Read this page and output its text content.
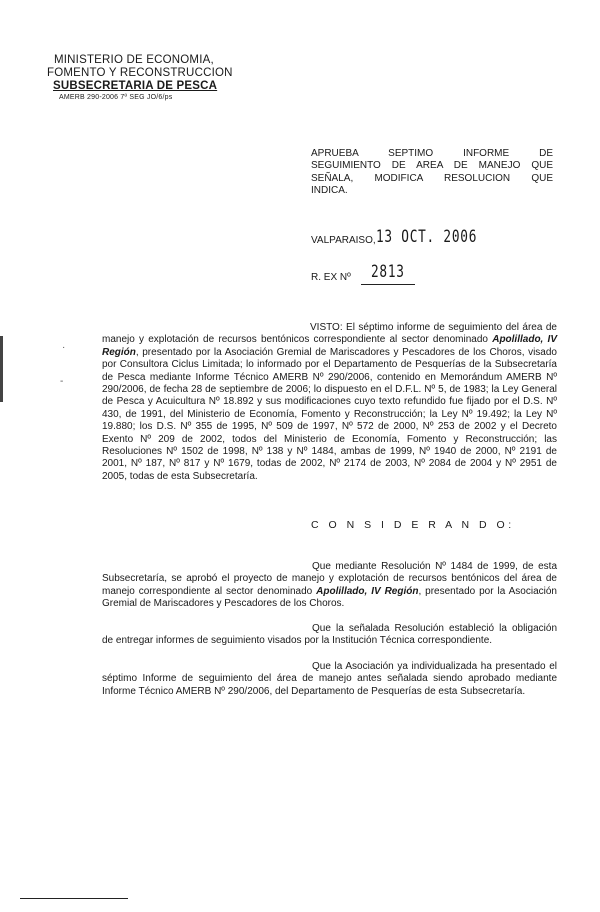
MINISTERIO DE ECONOMIA,
FOMENTO Y RECONSTRUCCION
SUBSECRETARIA DE PESCA
AMERB 290-2006 7º SEG JO/6/ps
APRUEBA SEPTIMO INFORME DE SEGUIMIENTO DE AREA DE MANEJO QUE SEÑALA, MODIFICA RESOLUCION QUE INDICA.
VALPARAISO, 13 OCT. 2006
R. EX Nº 2813
VISTO: El séptimo informe de seguimiento del área de manejo y explotación de recursos bentónicos correspondiente al sector denominado Apolillado, IV Región, presentado por la Asociación Gremial de Mariscadores y Pescadores de los Choros, visado por Consultora Ciclus Limitada; lo informado por el Departamento de Pesquerías de la Subsecretaría de Pesca mediante Informe Técnico AMERB Nº 290/2006, contenido en Memorándum AMERB Nº 290/2006, de fecha 28 de septiembre de 2006; lo dispuesto en el D.F.L. Nº 5, de 1983; la Ley General de Pesca y Acuicultura Nº 18.892 y sus modificaciones cuyo texto refundido fue fijado por el D.S. Nº 430, de 1991, del Ministerio de Economía, Fomento y Reconstrucción; la Ley Nº 19.492; la Ley Nº 19.880; los D.S. Nº 355 de 1995, Nº 509 de 1997, Nº 572 de 2000, Nº 253 de 2002 y el Decreto Exento Nº 209 de 2002, todos del Ministerio de Economía, Fomento y Reconstrucción; las Resoluciones Nº 1502 de 1998, Nº 138 y Nº 1484, ambas de 1999, Nº 1940 de 2000, Nº 2191 de 2001, Nº 187, Nº 817 y Nº 1679, todas de 2002, Nº 2174 de 2003, Nº 2084 de 2004 y Nº 2951 de 2005, todas de esta Subsecretaría.
C O N S I D E R A N D O:
Que mediante Resolución Nº 1484 de 1999, de esta Subsecretaría, se aprobó el proyecto de manejo y explotación de recursos bentónicos del área de manejo correspondiente al sector denominado Apolillado, IV Región, presentado por la Asociación Gremial de Mariscadores y Pescadores de los Choros.
Que la señalada Resolución estableció la obligación de entregar informes de seguimiento visados por la Institución Técnica correspondiente.
Que la Asociación ya individualizada ha presentado el séptimo Informe de seguimiento del área de manejo antes señalada siendo aprobado mediante Informe Técnico AMERB Nº 290/2006, del Departamento de Pesquerías de esta Subsecretaría.
·
-
